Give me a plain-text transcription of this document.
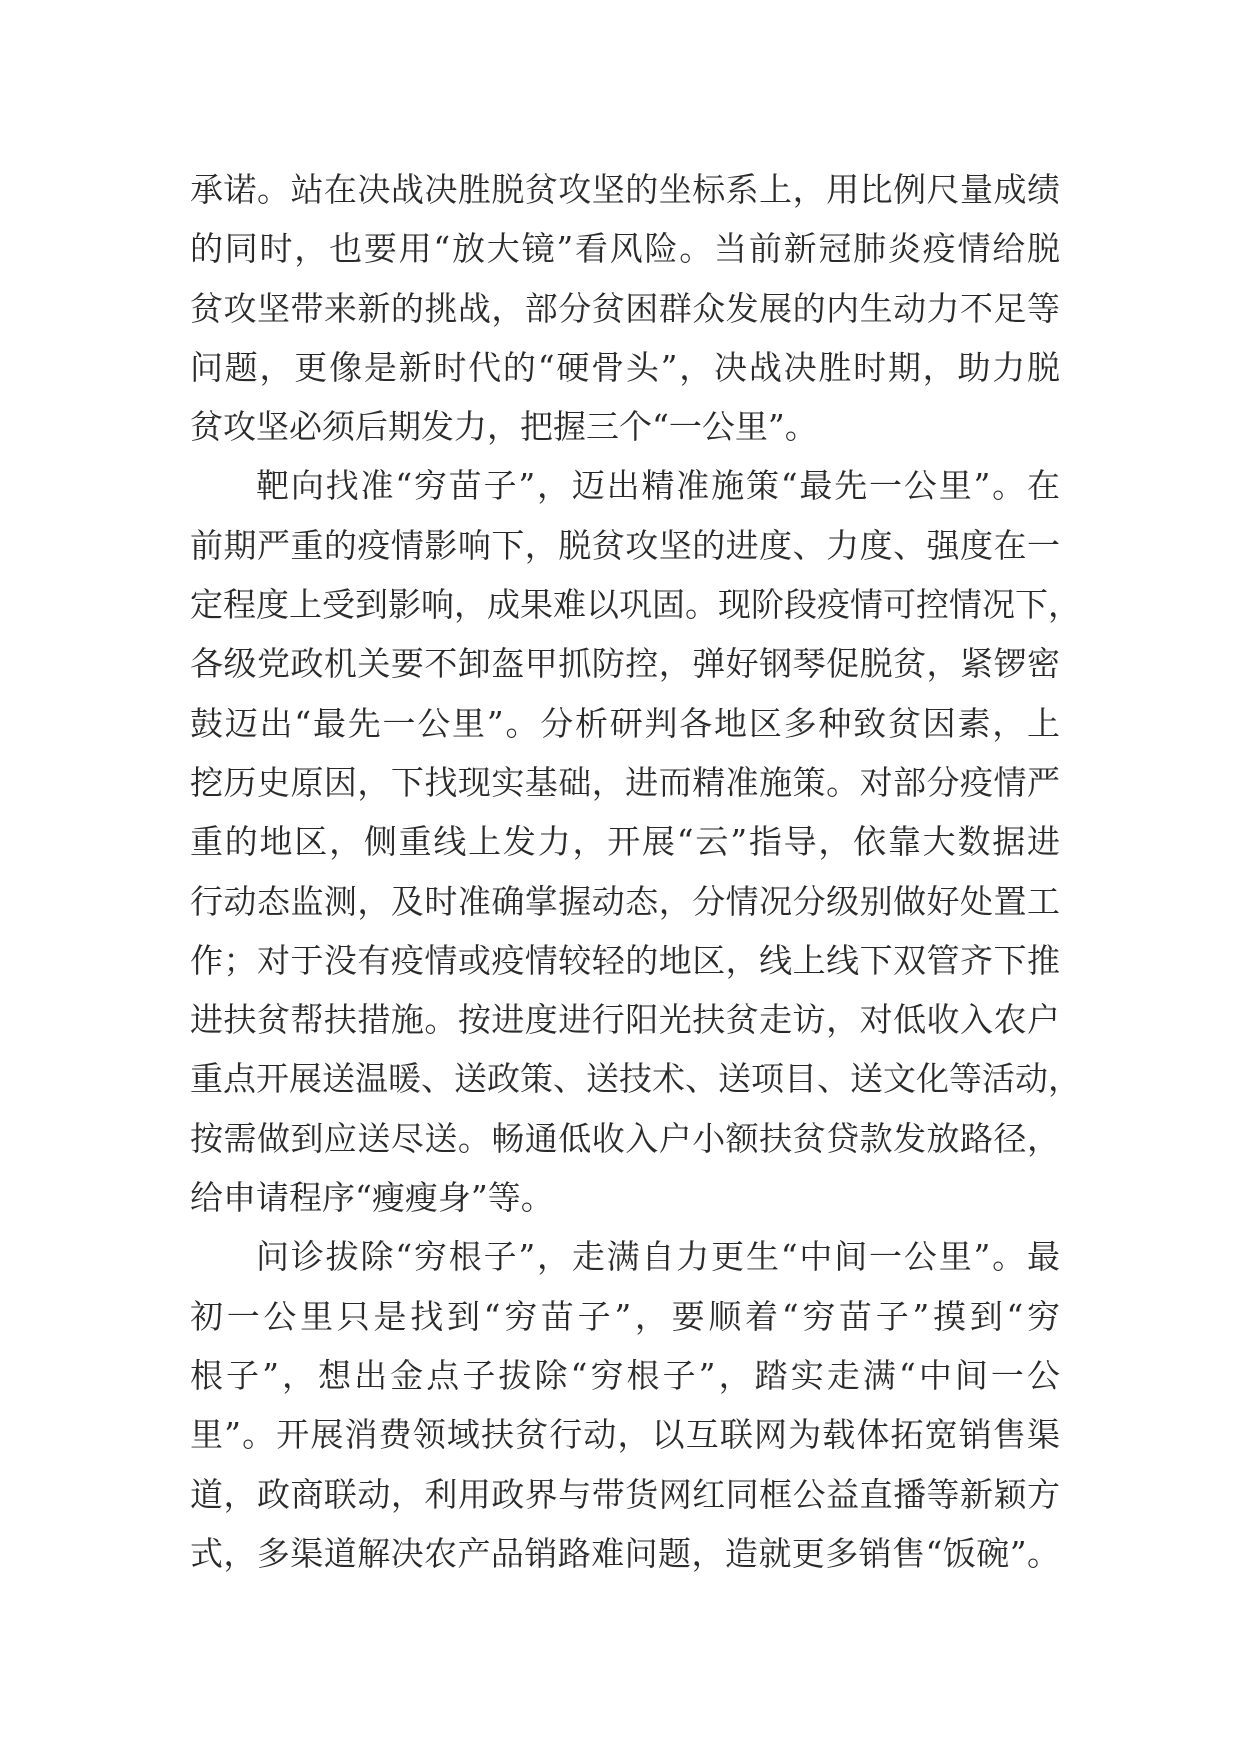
承诺。站在决战决胜脱贫攻坚的坐标系上，用比例尺量成绩
的同时，也要用“放大镜”看风险。当前新冠肺炎疫情给脱
贫攻坚带来新的挑战，部分贫困群众发展的内生动力不足等
问题，更像是新时代的“硬骨头”，决战决胜时期，助力脱
贫攻坚必须后期发力，把握三个“一公里”。
靶向找准“穷苗子”，迈出精准施策“最先一公里”。在
前期严重的疫情影响下，脱贫攻坚的进度、力度、强度在一
定程度上受到影响，成果难以巩固。现阶段疫情可控情况下，
各级党政机关要不卸盔甲抓防控，弹好钢琴促脱贫，紧锣密
鼓迈出“最先一公里”。分析研判各地区多种致贫因素，上
挖历史原因，下找现实基础，进而精准施策。对部分疫情严
重的地区，侧重线上发力，开展“云”指导，依靠大数据进
行动态监测，及时准确掌握动态，分情况分级别做好处置工
作；对于没有疫情或疫情较轻的地区，线上线下双管齐下推
进扶贫帮扶措施。按进度进行阳光扶贫走访，对低收入农户
重点开展送温暖、送政策、送技术、送项目、送文化等活动，
按需做到应送尽送。畅通低收入户小额扶贫贷款发放路径，
给申请程序“瘦瘦身”等。
问诊拔除“穷根子”，走满自力更生“中间一公里”。最
初一公里只是找到“穷苗子”，要顺着“穷苗子”摸到“穷
根子”，想出金点子拔除“穷根子”，踏实走满“中间一公
里”。开展消费领域扶贫行动，以互联网为载体拓宽销售渠
道，政商联动，利用政界与带货网红同框公益直播等新颖方
式，多渠道解决农产品销路难问题，造就更多销售“饭碗”。
